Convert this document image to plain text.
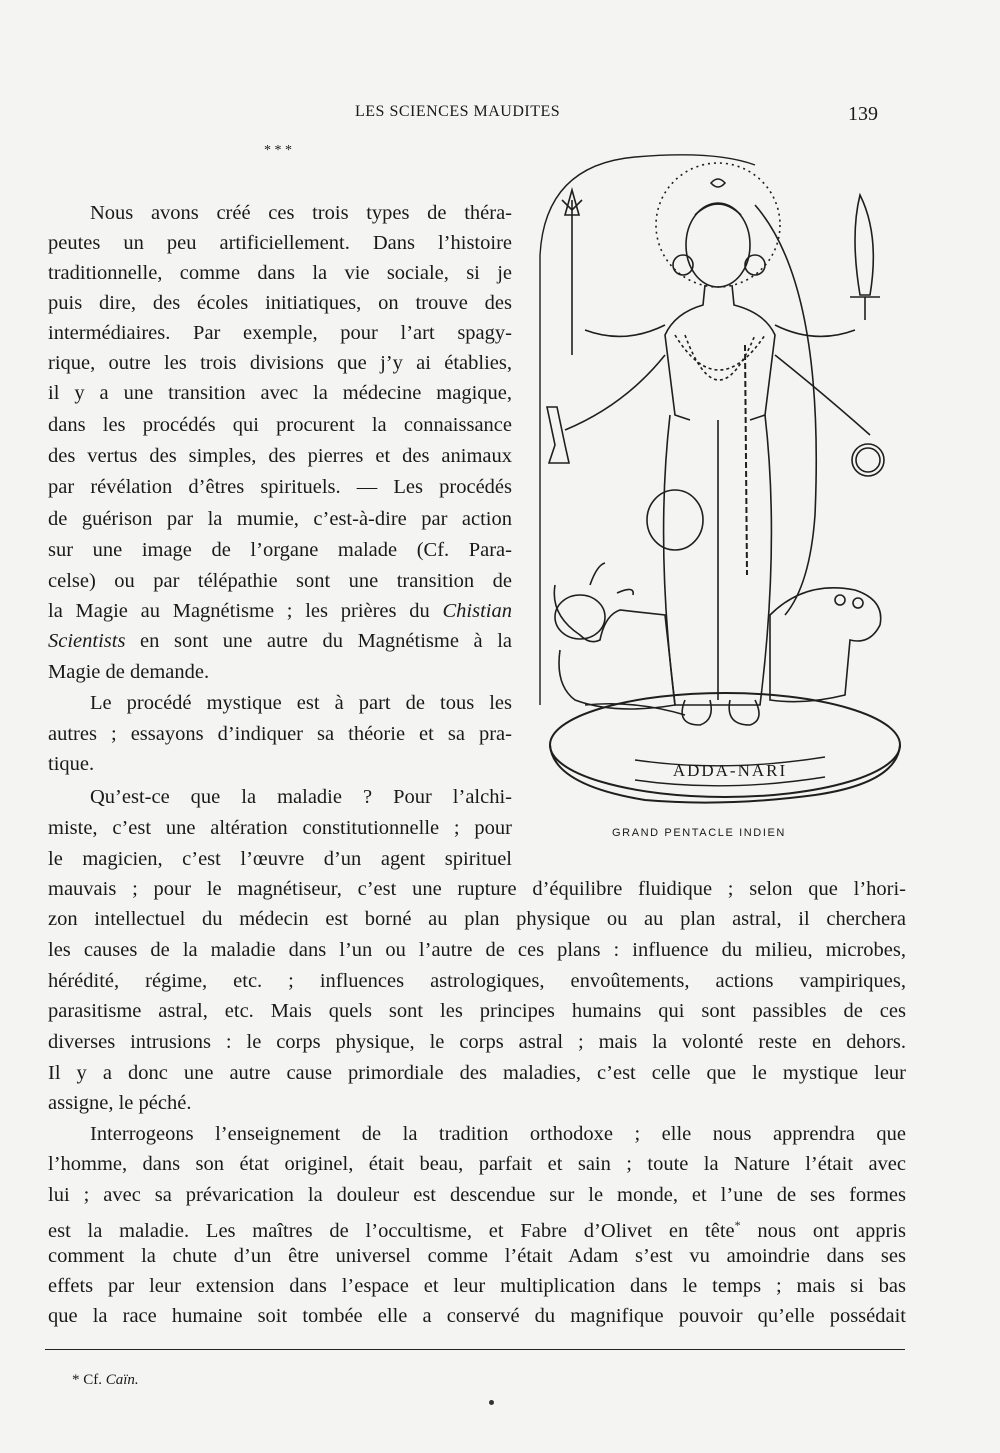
LES SCIENCES MAUDITES	139
* * *
Nous avons créé ces trois types de théra-
peutes un peu artificiellement. Dans l’histoire
traditionnelle, comme dans la vie sociale, si je
puis dire, des écoles initiatiques, on trouve des
intermédiaires. Par exemple, pour l’art spagy-
rique, outre les trois divisions que j’y ai établies,
il y a une transition avec la médecine magique,
dans les procédés qui procurent la connaissance
des vertus des simples, des pierres et des animaux
par révélation d’êtres spirituels. — Les procédés
de guérison par la mumie, c’est-à-dire par action
sur une image de l’organe malade (Cf. Para-
celse) ou par télépathie sont une transition de
la Magie au Magnétisme ; les prières du Chistian
Scientists en sont une autre du Magnétisme à la
Magie de demande.
Le procédé mystique est à part de tous les
autres ; essayons d’indiquer sa théorie et sa pra-
tique.
Qu’est-ce que la maladie ? Pour l’alchi-
miste, c’est une altération constitutionnelle ; pour
le magicien, c’est l’œuvre d’un agent spirituel
mauvais ; pour le magnétiseur, c’est une rupture d’équilibre fluidique ; selon que l’hori-
zon intellectuel du médecin est borné au plan physique ou au plan astral, il cherchera
les causes de la maladie dans l’un ou l’autre de ces plans : influence du milieu, microbes,
hérédité, régime, etc. ; influences astrologiques, envoûtements, actions vampiriques,
parasitisme astral, etc. Mais quels sont les principes humains qui sont passibles de ces
diverses intrusions : le corps physique, le corps astral ; mais la volonté reste en dehors.
Il y a donc une autre cause primordiale des maladies, c’est celle que le mystique leur
assigne, le péché.
Interrogeons l’enseignement de la tradition orthodoxe ; elle nous apprendra que
l’homme, dans son état originel, était beau, parfait et sain ; toute la Nature l’était avec
lui ; avec sa prévarication la douleur est descendue sur le monde, et l’une de ses formes
est la maladie. Les maîtres de l’occultisme, et Fabre d’Olivet en tête* nous ont appris
comment la chute d’un être universel comme l’était Adam s’est vu amoindrie dans ses
effets par leur extension dans l’espace et leur multiplication dans le temps ; mais si bas
que la race humaine soit tombée elle a conservé du magnifique pouvoir qu’elle possédait
ADDA-NARI
GRAND PENTACLE INDIEN
* Cf. Caïn.
